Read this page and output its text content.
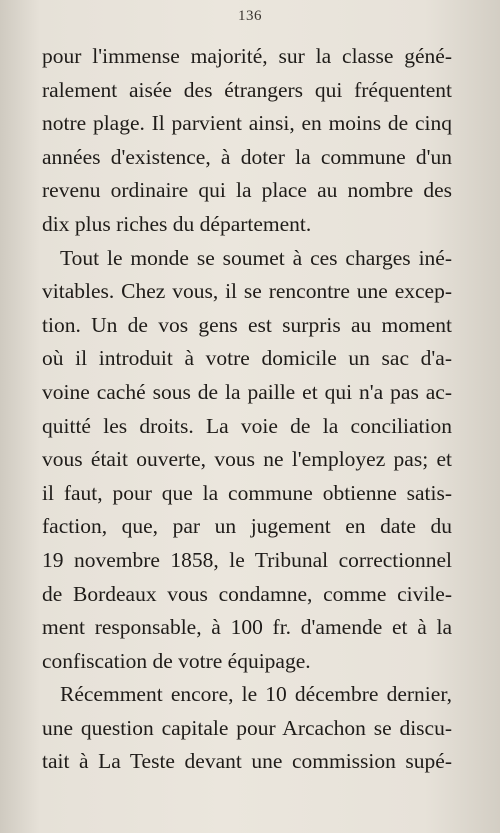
136
pour l'immense majorité, sur la classe géné-
ralement aisée des étrangers qui fréquentent
notre plage. Il parvient ainsi, en moins de cinq
années d'existence, à doter la commune d'un
revenu ordinaire qui la place au nombre des
dix plus riches du département.
Tout le monde se soumet à ces charges iné-
vitables. Chez vous, il se rencontre une excep-
tion. Un de vos gens est surpris au moment
où il introduit à votre domicile un sac d'a-
voine caché sous de la paille et qui n'a pas ac-
quitté les droits. La voie de la conciliation
vous était ouverte, vous ne l'employez pas; et
il faut, pour que la commune obtienne satis-
faction, que, par un jugement en date du
19 novembre 1858, le Tribunal correctionnel
de Bordeaux vous condamne, comme civile-
ment responsable, à 100 fr. d'amende et à la
confiscation de votre équipage.
Récemment encore, le 10 décembre dernier,
une question capitale pour Arcachon se discu-
tait à La Teste devant une commission supé-
